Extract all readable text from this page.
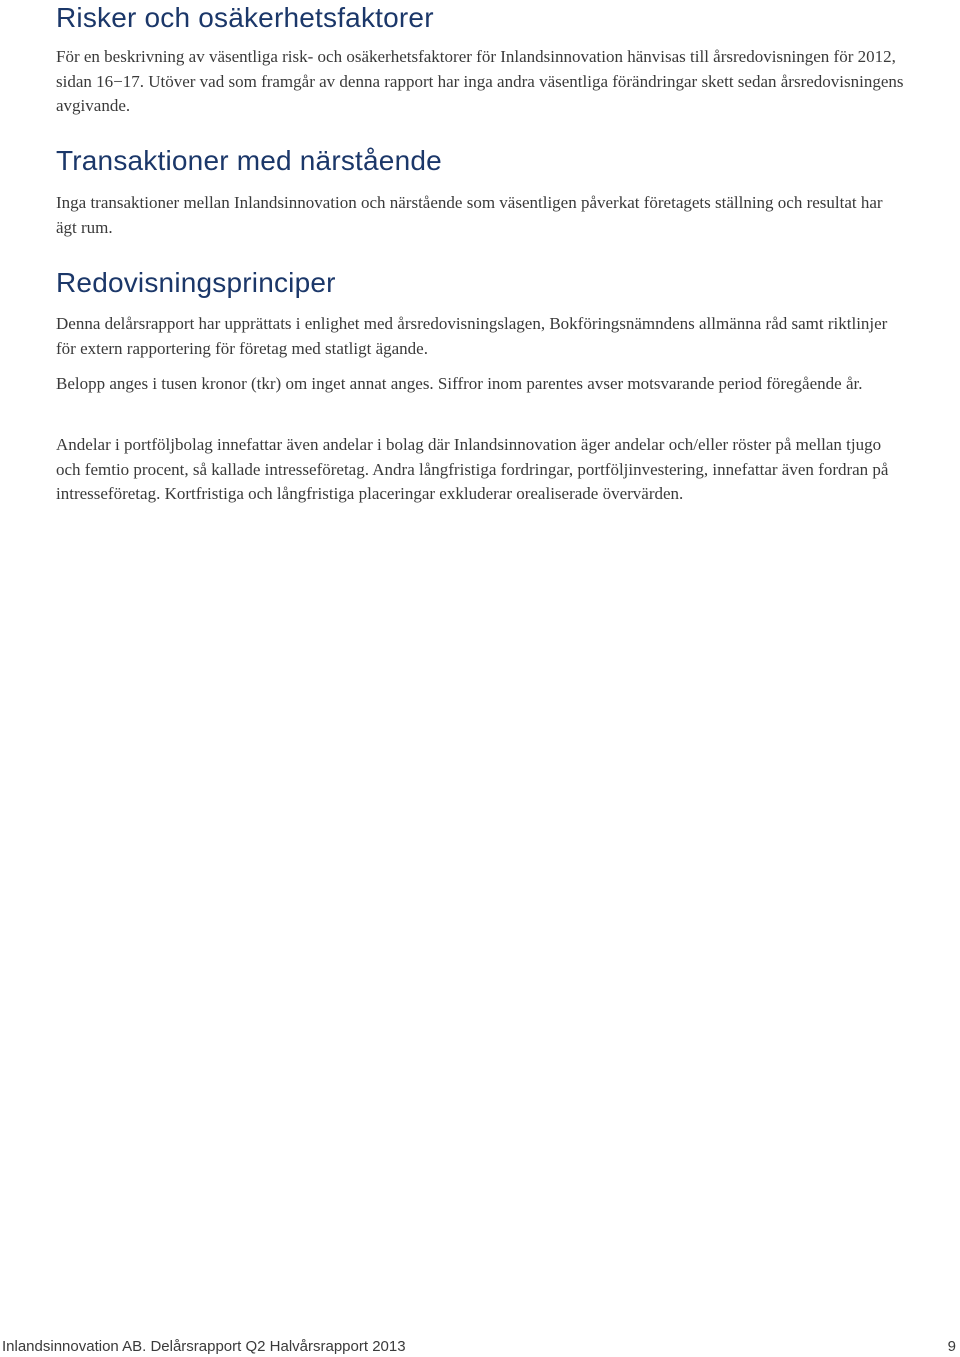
Risker och osäkerhetsfaktorer

För en beskrivning av väsentliga risk- och osäkerhetsfaktorer för Inlandsinnovation hänvisas till årsredovisningen för 2012, sidan 16−17. Utöver vad som framgår av denna rapport har inga andra väsentliga förändringar skett sedan årsredovisningens avgivande.

Transaktioner med närstående

Inga transaktioner mellan Inlandsinnovation och närstående som väsentligen påverkat företagets ställning och resultat har ägt rum.

Redovisningsprinciper

Denna delårsrapport har upprättats i enlighet med årsredovisningslagen, Bokföringsnämndens allmänna råd samt riktlinjer för extern rapportering för företag med statligt ägande.

Belopp anges i tusen kronor (tkr) om inget annat anges. Siffror inom parentes avser motsvarande period föregående år.

Andelar i portföljbolag innefattar även andelar i bolag där Inlandsinnovation äger andelar och/eller röster på mellan tjugo och femtio procent, så kallade intresseföretag. Andra långfristiga fordringar, portföljinvestering, innefattar även fordran på intresseföretag. Kortfristiga och långfristiga placeringar exkluderar orealiserade övervärden.

Inlandsinnovation AB. Delårsrapport Q2 Halvårsrapport 2013	9
